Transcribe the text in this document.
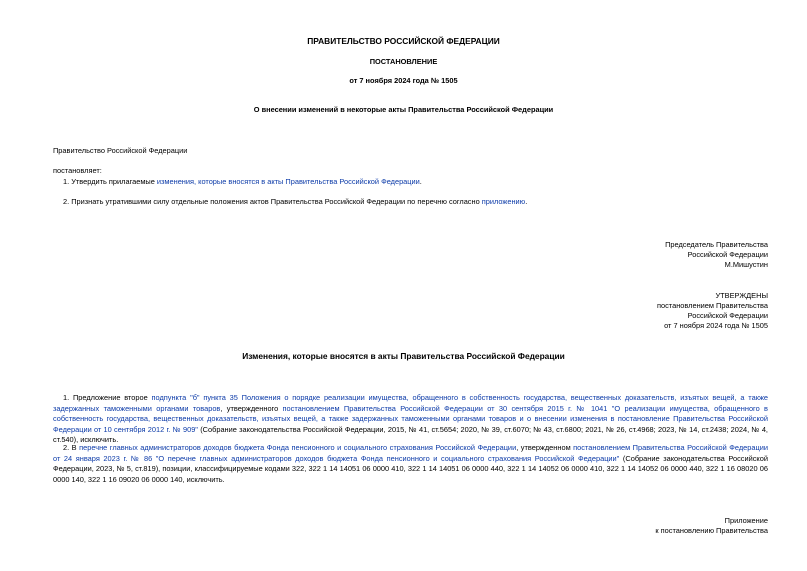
ПРАВИТЕЛЬСТВО РОССИЙСКОЙ ФЕДЕРАЦИИ
ПОСТАНОВЛЕНИЕ
от 7 ноября 2024 года № 1505
О внесении изменений в некоторые акты Правительства Российской Федерации
Правительство Российской Федерации
постановляет:
1. Утвердить прилагаемые изменения, которые вносятся в акты Правительства Российской Федерации.
2. Признать утратившими силу отдельные положения актов Правительства Российской Федерации по перечню согласно приложению.
Председатель Правительства
Российской Федерации
М.Мишустин
УТВЕРЖДЕНЫ
постановлением Правительства
Российской Федерации
от 7 ноября 2024 года № 1505
Изменения, которые вносятся в акты Правительства Российской Федерации
1. Предложение второе подпункта "б" пункта 35 Положения о порядке реализации имущества, обращенного в собственность государства, вещественных доказательств, изъятых вещей, а также задержанных таможенными органами товаров, утвержденного постановлением Правительства Российской Федерации от 30 сентября 2015 г. № 1041 "О реализации имущества, обращенного в собственность государства, вещественных доказательств, изъятых вещей, а также задержанных таможенными органами товаров и о внесении изменения в постановление Правительства Российской Федерации от 10 сентября 2012 г. № 909" (Собрание законодательства Российской Федерации, 2015, № 41, ст.5654; 2020, № 39, ст.6070; № 43, ст.6800; 2021, № 26, ст.4968; 2023, № 14, ст.2438; 2024, № 4, ст.540), исключить.
2. В перечне главных администраторов доходов бюджета Фонда пенсионного и социального страхования Российской Федерации, утвержденном постановлением Правительства Российской Федерации от 24 января 2023 г. № 86 "О перечне главных администраторов доходов бюджета Фонда пенсионного и социального страхования Российской Федерации" (Собрание законодательства Российской Федерации, 2023, № 5, ст.819), позиции, классифицируемые кодами 322, 322 1 14 14051 06 0000 410, 322 1 14 14051 06 0000 440, 322 1 14 14052 06 0000 410, 322 1 14 14052 06 0000 440, 322 1 16 08020 06 0000 140, 322 1 16 09020 06 0000 140, исключить.
Приложение
к постановлению Правительства
